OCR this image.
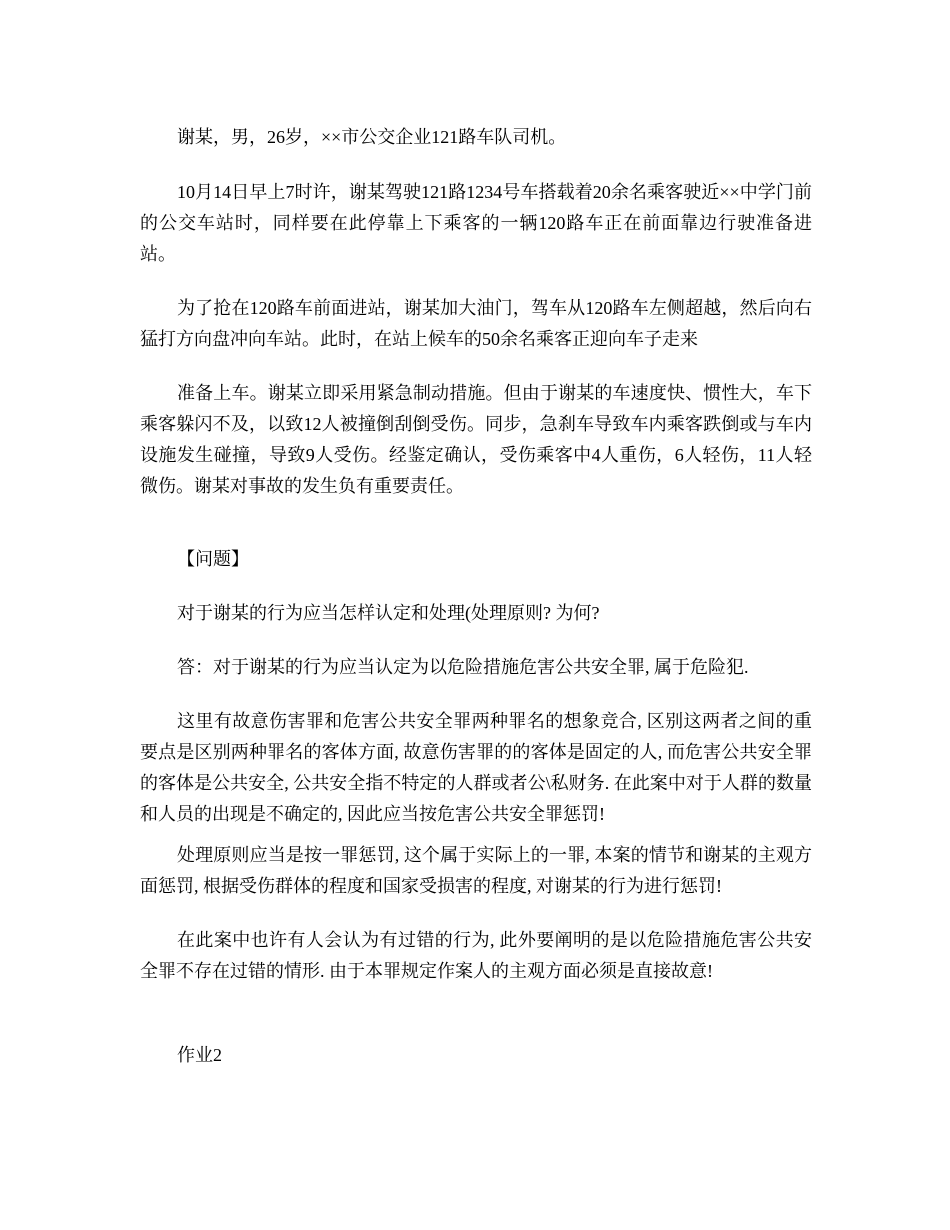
谢某，男，26岁，××市公交企业121路车队司机。

10月14日早上7时许，谢某驾驶121路1234号车搭载着20余名乘客驶近××中学门前的公交车站时，同样要在此停靠上下乘客的一辆120路车正在前面靠边行驶准备进站。

为了抢在120路车前面进站，谢某加大油门，驾车从120路车左侧超越，然后向右猛打方向盘冲向车站。此时，在站上候车的50余名乘客正迎向车子走来

准备上车。谢某立即采用紧急制动措施。但由于谢某的车速度快、惯性大，车下乘客躲闪不及，以致12人被撞倒刮倒受伤。同步，急刹车导致车内乘客跌倒或与车内设施发生碰撞，导致9人受伤。经鉴定确认，受伤乘客中4人重伤，6人轻伤，11人轻微伤。谢某对事故的发生负有重要责任。

【问题】

对于谢某的行为应当怎样认定和处理(处理原则? 为何?

答：对于谢某的行为应当认定为以危险措施危害公共安全罪, 属于危险犯.

这里有故意伤害罪和危害公共安全罪两种罪名的想象竞合, 区别这两者之间的重要点是区别两种罪名的客体方面, 故意伤害罪的的客体是固定的人, 而危害公共安全罪的客体是公共安全, 公共安全指不特定的人群或者公\私财务. 在此案中对于人群的数量和人员的出现是不确定的, 因此应当按危害公共安全罪惩罚!

处理原则应当是按一罪惩罚, 这个属于实际上的一罪, 本案的情节和谢某的主观方面惩罚, 根据受伤群体的程度和国家受损害的程度, 对谢某的行为进行惩罚!

在此案中也许有人会认为有过错的行为, 此外要阐明的是以危险措施危害公共安全罪不存在过错的情形. 由于本罪规定作案人的主观方面必须是直接故意!

作业2
